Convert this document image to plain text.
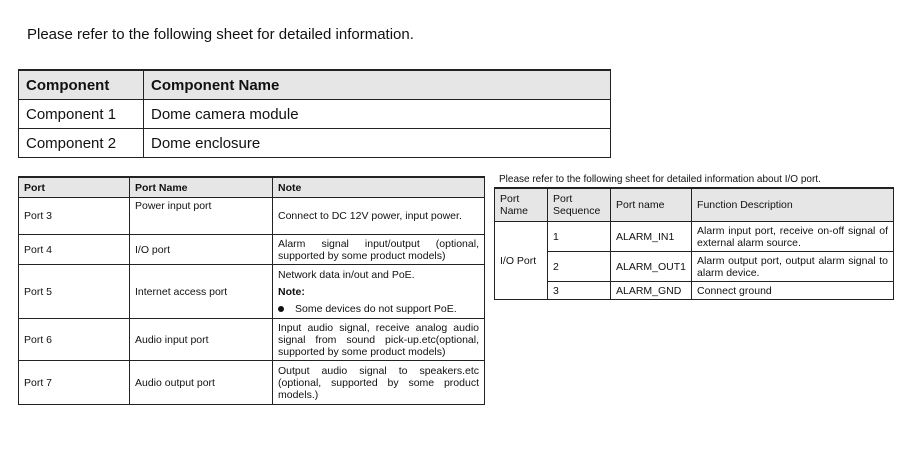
Please refer to the following sheet for detailed information.
Component	Component Name
Component 1	Dome camera module
Component 2	Dome enclosure
Port	Port Name	Note
Port 3	Power input port	Connect to DC 12V power, input power.
Port 4	I/O port	Alarm signal input/output (optional, supported by some product models)
Port 5	Internet access port	Network data in/out and PoE.
Note:
Some devices do not support PoE.

Port 6	Audio input port	Input audio signal, receive analog audio signal from sound pick-up.etc(optional, supported by some product models)
Port 7	Audio output port	Output audio signal to speakers.etc (optional, supported by some product models.)
Please refer to the following sheet for detailed information about I/O port.
Port Name	Port Sequence	Port name	Function Description
I/O Port	1	ALARM_IN1	Alarm input port, receive on-off signal of external alarm source.
	2	ALARM_OUT1	Alarm output port, output alarm signal to alarm device.
	3	ALARM_GND	Connect ground
